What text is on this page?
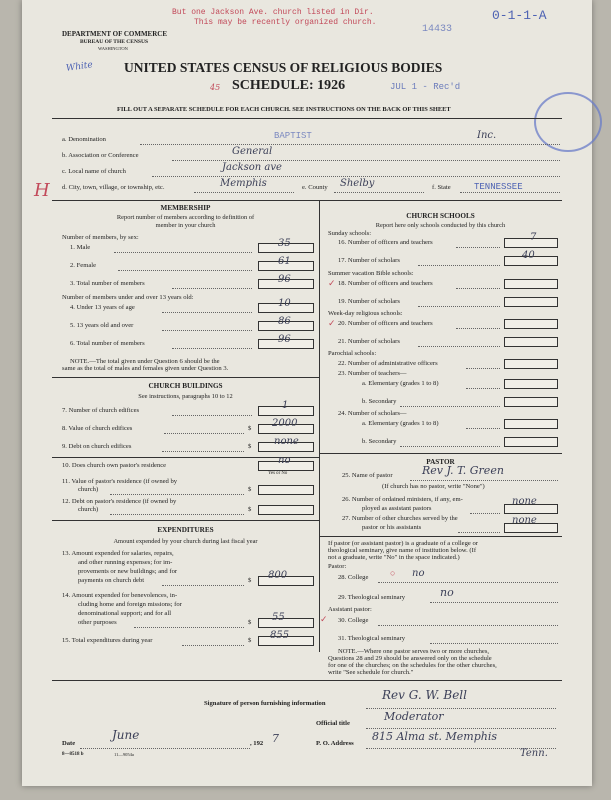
But one Jackson Ave. church listed in Dir.
This may be recently organized church.	0-1-1-A
14433
DEPARTMENT OF COMMERCE
BUREAU OF THE CENSUS
WASHINGTON
White UNITED STATES CENSUS OF RELIGIOUS BODIES
45 SCHEDULE: 1926	JUL 1 - Rec'd
FILL OUT A SEPARATE SCHEDULE FOR EACH CHURCH. SEE INSTRUCTIONS ON THE BACK OF THIS SHEET
a. Denomination	BAPTIST	Inc.
b. Association or Conference	General
c. Local name of church	Jackson ave
H d. City, town, village, or township, etc.	Memphis	e. County Shelby	f. State	TENNESSEE
MEMBERSHIP
Report number of members according to definition of
member in your church
Number of members, by sex:
1. Male	35
2. Female	61
3. Total number of members	96
Number of members under and over 13 years old:
4. Under 13 years of age	10
5. 13 years old and over	86
6. Total number of members	96
NOTE.—The total given under Question 6 should be the
same as the total of males and females given under Question 3.
CHURCH BUILDINGS
See instructions, paragraphs 10 to 12
7. Number of church edifices	1
8. Value of church edifices	$ 2000
9. Debt on church edifices	$ none
10. Does church own pastor's residence	no
Yes or No
11. Value of pastor's residence (if owned by
church)	$
12. Debt on pastor's residence (if owned by
church)	$
EXPENDITURES
Amount expended by your church during last fiscal year
13. Amount expended for salaries, repairs,
and other running expenses; for im-
provements or new buildings; and for
payments on church debt	$ 800
14. Amount expended for benevolences, in-
cluding home and foreign missions; for
denominational support; and for all
other purposes	$ 55
15. Total expenditures during year	$ 855
CHURCH SCHOOLS
Report here only schools conducted by this church
Sunday schools:
16. Number of officers and teachers	7
17. Number of scholars	40
Summer vacation Bible schools:
✓ 18. Number of officers and teachers
19. Number of scholars
Week-day religious schools:
✓ 20. Number of officers and teachers
21. Number of scholars
Parochial schools:
22. Number of administrative officers
23. Number of teachers—
a. Elementary (grades 1 to 8)
b. Secondary
24. Number of scholars—
a. Elementary (grades 1 to 8)
b. Secondary
PASTOR
25. Name of pastor	Rev J. T. Green
(If church has no pastor, write "None")
26. Number of ordained ministers, if any, em-
ployed as assistant pastors
none
27. Number of other churches served by the
pastor or his assistants
none
If pastor (or assistant pastor) is a graduate of a college or
theological seminary, give name of institution below. (If
not a graduate, write "No" in the space indicated.)
Pastor:
28. College ○ no
29. Theological seminary	no
Assistant pastor:
✓ 30. College
31. Theological seminary
NOTE.—Where one pastor serves two or more churches,
Questions 28 and 29 should be answered only on the schedule
for one of the churches; on the schedules for the other churches,
write "See schedule for church."
Signature of person furnishing information
Rev G. W. Bell
Official title
Moderator
Date
June
, 192 7	P. O. Address
815 Alma st. Memphis
Tenn.
8—8518 b	11—9054a
